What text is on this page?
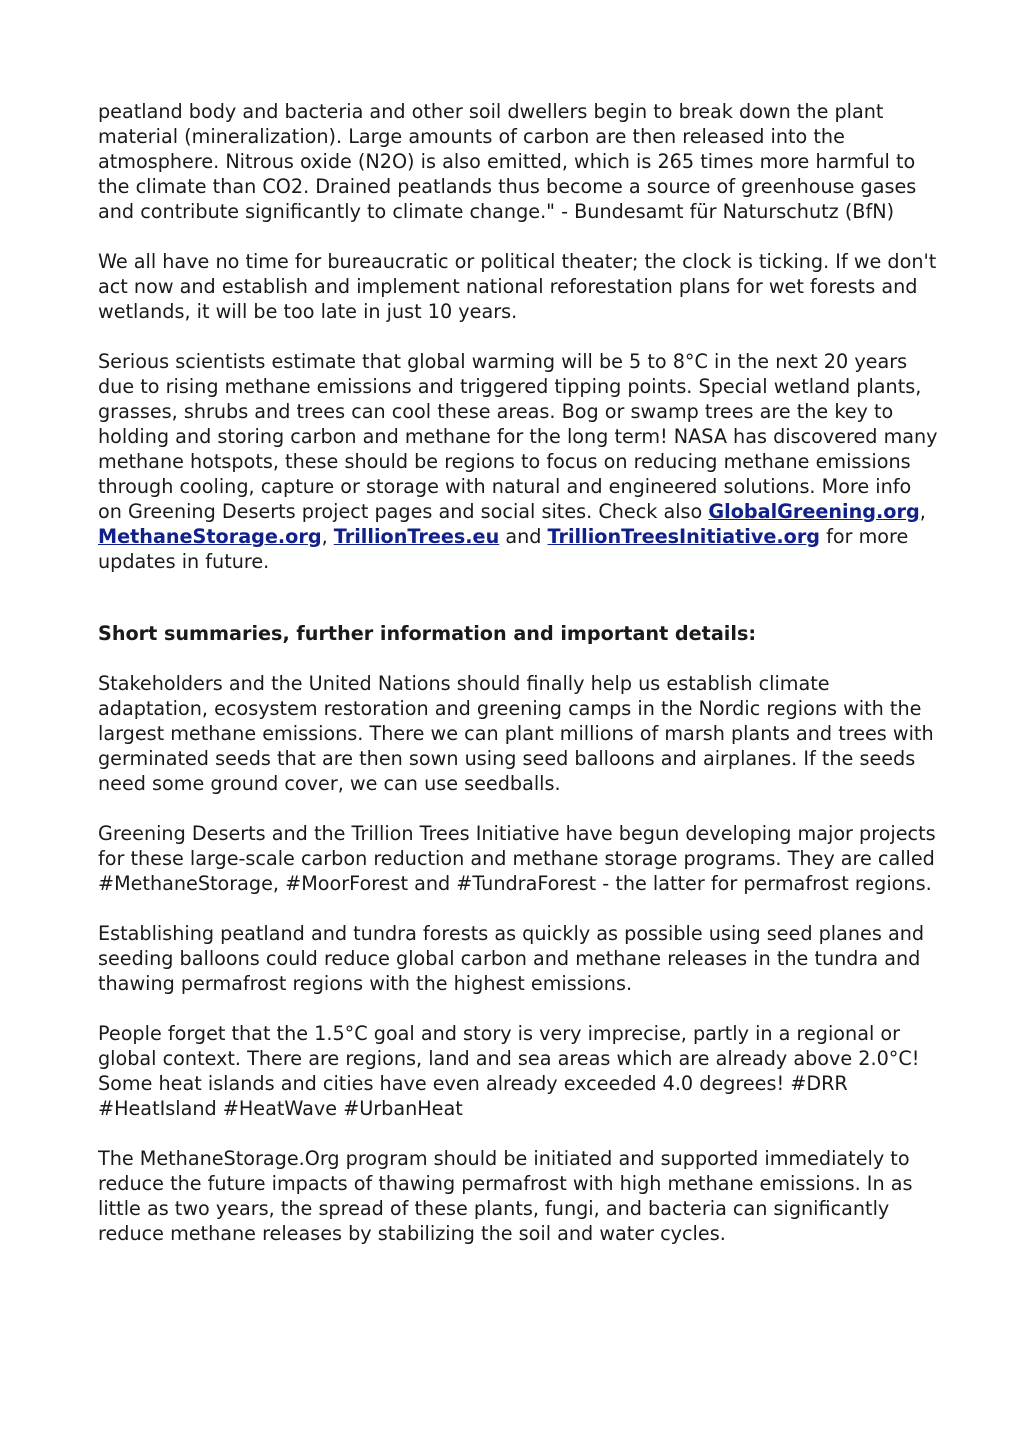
peatland body and bacteria and other soil dwellers begin to break down the plant material (mineralization). Large amounts of carbon are then released into the atmosphere. Nitrous oxide (N2O) is also emitted, which is 265 times more harmful to the climate than CO2. Drained peatlands thus become a source of greenhouse gases and contribute significantly to climate change." - Bundesamt für Naturschutz (BfN)

We all have no time for bureaucratic or political theater; the clock is ticking. If we don't act now and establish and implement national reforestation plans for wet forests and wetlands, it will be too late in just 10 years.

Serious scientists estimate that global warming will be 5 to 8°C in the next 20 years due to rising methane emissions and triggered tipping points. Special wetland plants, grasses, shrubs and trees can cool these areas. Bog or swamp trees are the key to holding and storing carbon and methane for the long term! NASA has discovered many methane hotspots, these should be regions to focus on reducing methane emissions through cooling, capture or storage with natural and engineered solutions. More info on Greening Deserts project pages and social sites. Check also GlobalGreening.org, MethaneStorage.org, TrillionTrees.eu and TrillionTreesInitiative.org for more updates in future.

Short summaries, further information and important details:

Stakeholders and the United Nations should finally help us establish climate adaptation, ecosystem restoration and greening camps in the Nordic regions with the largest methane emissions. There we can plant millions of marsh plants and trees with germinated seeds that are then sown using seed balloons and airplanes. If the seeds need some ground cover, we can use seedballs.

Greening Deserts and the Trillion Trees Initiative have begun developing major projects for these large-scale carbon reduction and methane storage programs. They are called #MethaneStorage, #MoorForest and #TundraForest - the latter for permafrost regions.

Establishing peatland and tundra forests as quickly as possible using seed planes and seeding balloons could reduce global carbon and methane releases in the tundra and thawing permafrost regions with the highest emissions.

People forget that the 1.5°C goal and story is very imprecise, partly in a regional or global context. There are regions, land and sea areas which are already above 2.0°C! Some heat islands and cities have even already exceeded 4.0 degrees! #DRR #HeatIsland #HeatWave #UrbanHeat

The MethaneStorage.Org program should be initiated and supported immediately to reduce the future impacts of thawing permafrost with high methane emissions. In as little as two years, the spread of these plants, fungi, and bacteria can significantly reduce methane releases by stabilizing the soil and water cycles.
